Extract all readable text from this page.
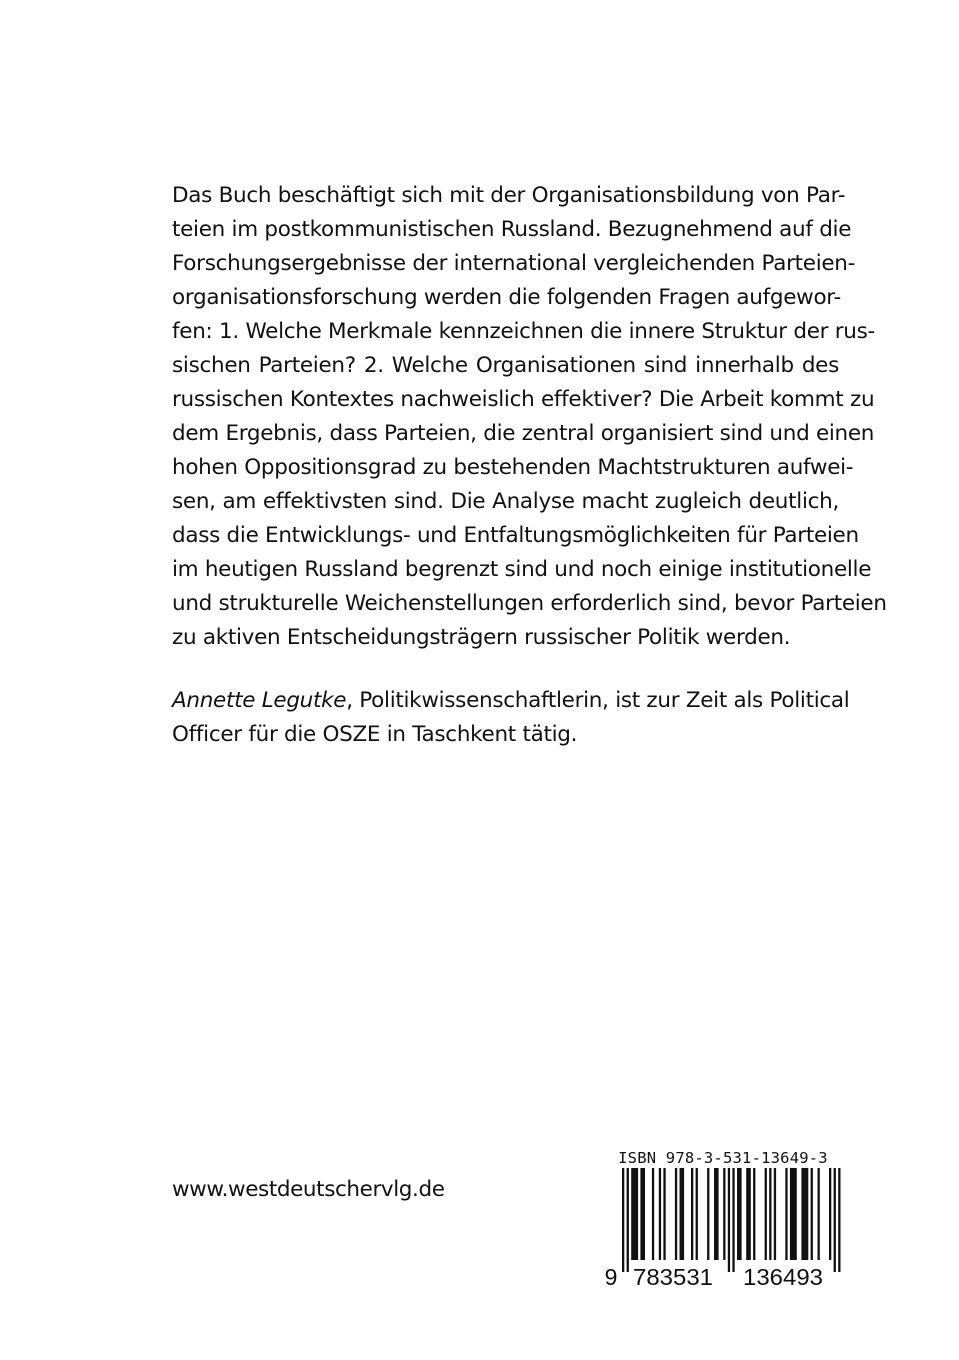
Das Buch beschäftigt sich mit der Organisationsbildung von Par-
teien im postkommunistischen Russland. Bezugnehmend auf die
Forschungsergebnisse der international vergleichenden Parteien-
organisationsforschung werden die folgenden Fragen aufgewor-
fen: 1. Welche Merkmale kennzeichnen die innere Struktur der rus-
sischen Parteien? 2. Welche Organisationen sind innerhalb des
russischen Kontextes nachweislich effektiver? Die Arbeit kommt zu
dem Ergebnis, dass Parteien, die zentral organisiert sind und einen
hohen Oppositionsgrad zu bestehenden Machtstrukturen aufwei-
sen, am effektivsten sind. Die Analyse macht zugleich deutlich,
dass die Entwicklungs- und Entfaltungsmöglichkeiten für Parteien
im heutigen Russland begrenzt sind und noch einige institutionelle
und strukturelle Weichenstellungen erforderlich sind, bevor Parteien
zu aktiven Entscheidungsträgern russischer Politik werden.
Annette Legutke, Politikwissenschaftlerin, ist zur Zeit als Political
Officer für die OSZE in Taschkent tätig.
www.westdeutschervlg.de
ISBN 978-3-531-13649-3
9 783531 136493
